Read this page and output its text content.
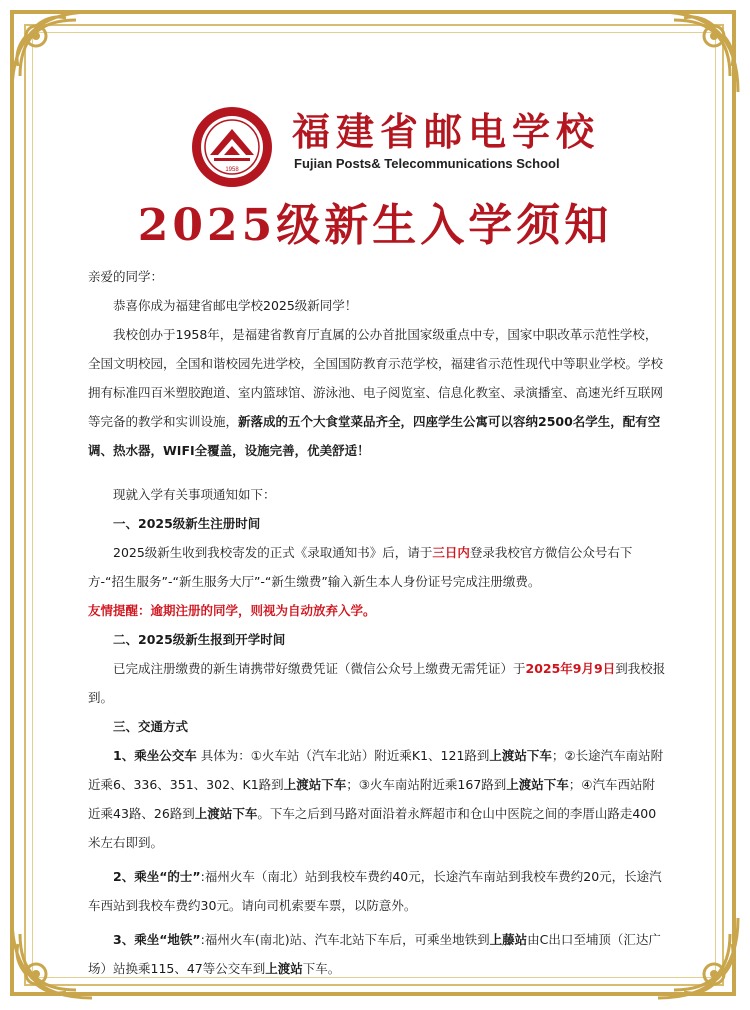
1958
福建省邮电学校
Fujian Posts& Telecommunications School
2025级新生入学须知

亲爱的同学：

恭喜你成为福建省邮电学校2025级新同学！

我校创办于1958年，是福建省教育厅直属的公办首批国家级重点中专，国家中职改革示范性学校，全国文明校园，全国和谐校园先进学校，全国国防教育示范学校，福建省示范性现代中等职业学校。学校拥有标准四百米塑胶跑道、室内篮球馆、游泳池、电子阅览室、信息化教室、录演播室、高速光纤互联网等完备的教学和实训设施，新落成的五个大食堂菜品齐全，四座学生公寓可以容纳2500名学生，配有空调、热水器，WIFI全覆盖，设施完善，优美舒适！

现就入学有关事项通知如下：

一、2025级新生注册时间

2025级新生收到我校寄发的正式《录取通知书》后，请于三日内登录我校官方微信公众号右下方-“招生服务”-“新生服务大厅”-“新生缴费”输入新生本人身份证号完成注册缴费。

友情提醒：逾期注册的同学，则视为自动放弃入学。

二、2025级新生报到开学时间

已完成注册缴费的新生请携带好缴费凭证（微信公众号上缴费无需凭证）于2025年9月9日到我校报到。

三、交通方式

1、乘坐公交车 具体为：①火车站（汽车北站）附近乘K1、121路到上渡站下车；②长途汽车南站附近乘6、336、351、302、K1路到上渡站下车；③火车南站附近乘167路到上渡站下车；④汽车西站附近乘43路、26路到上渡站下车。下车之后到马路对面沿着永辉超市和仓山中医院之间的李厝山路走400米左右即到。

2、乘坐“的士”:福州火车（南北）站到我校车费约40元，长途汽车南站到我校车费约20元，长途汽车西站到我校车费约30元。请向司机索要车票，以防意外。

3、乘坐“地铁”:福州火车(南北)站、汽车北站下车后，可乘坐地铁到上藤站由C出口至埔顶（汇达广场）站换乘115、47等公交车到上渡站下车。
